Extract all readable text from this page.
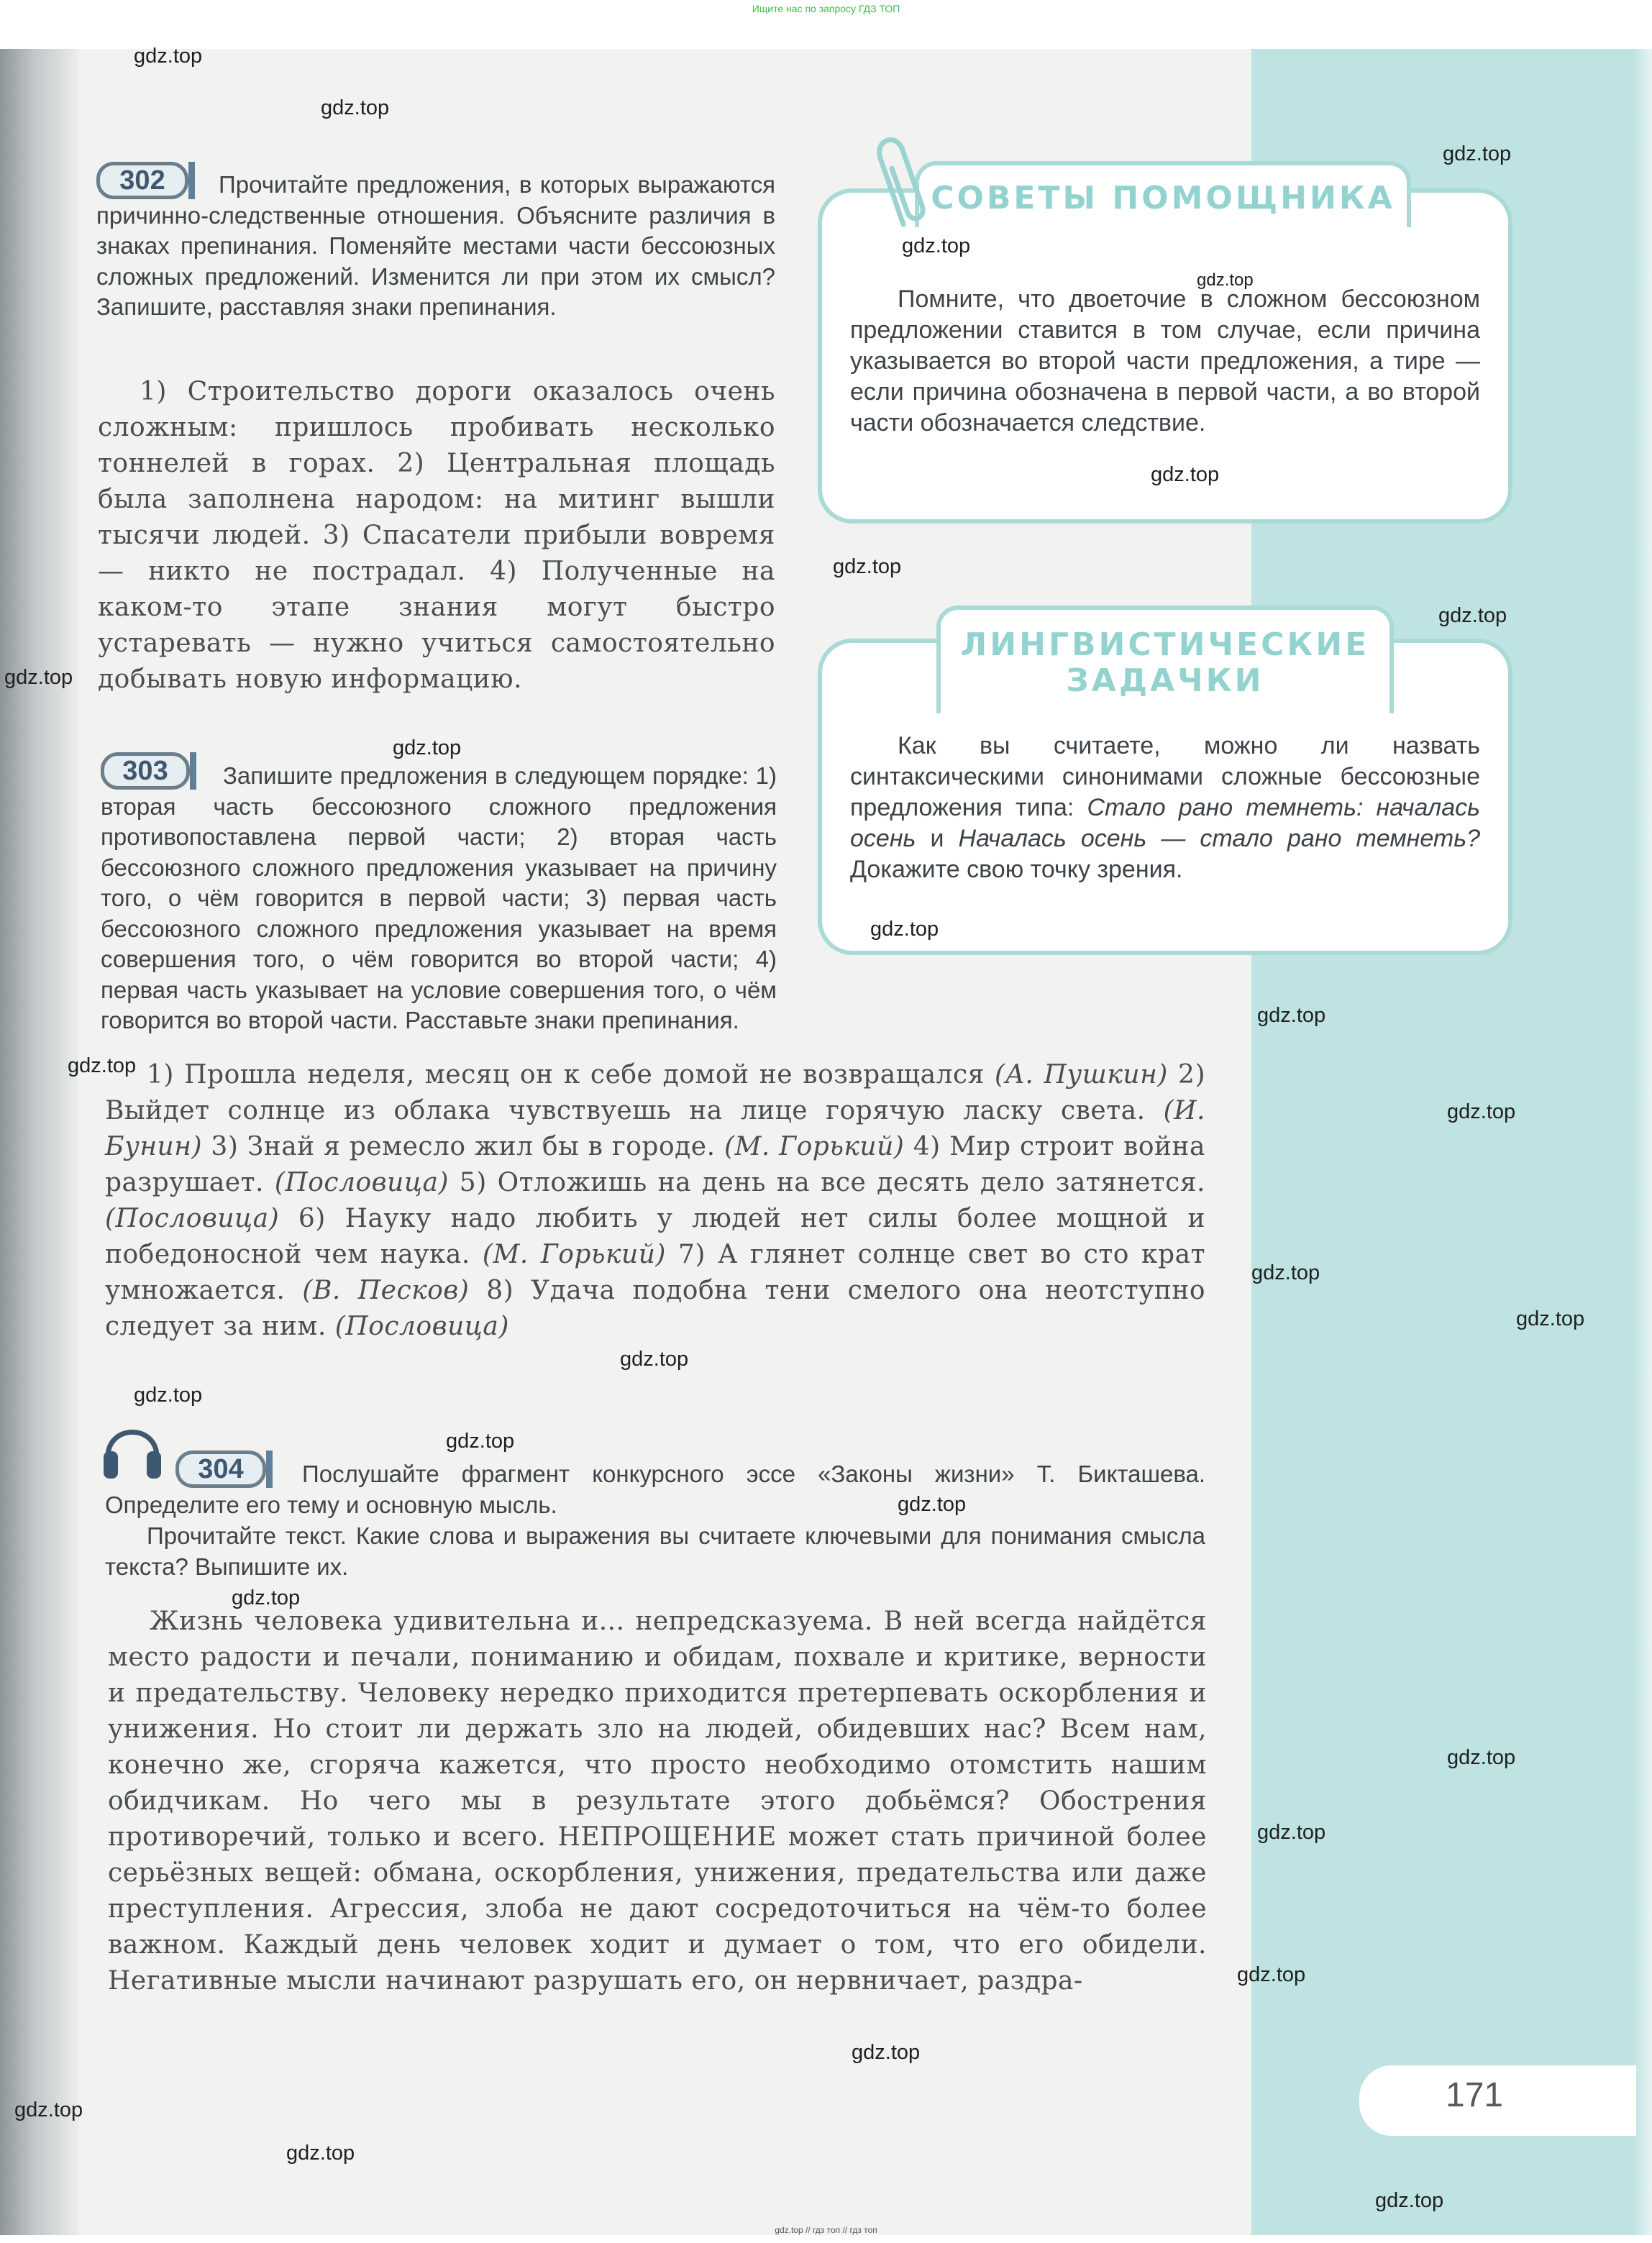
Ищите нас по запросу ГДЗ ТОП
302	Прочитайте предложения, в которых выражаются причинно-следственные отношения. Объясните различия в знаках препинания. Поменяйте местами части бессоюзных сложных предложений. Изменится ли при этом их смысл? Запишите, расставляя знаки препинания.

1) Строительство дороги оказалось очень сложным: пришлось пробивать несколько тоннелей в горах. 2) Центральная площадь была заполнена народом: на митинг вышли тысячи людей. 3) Спасатели прибыли вовремя — никто не пострадал. 4) Полученные на каком-то этапе знания могут быстро устаревать — нужно учиться самостоятельно добывать новую информацию.

303	Запишите предложения в следующем порядке: 1) вторая часть бессоюзного сложного предложения противопоставлена первой части; 2) вторая часть бессоюзного сложного предложения указывает на причину того, о чём говорится в первой части; 3) первая часть бессоюзного сложного предложения указывает на время совершения того, о чём говорится во второй части; 4) первая часть указывает на условие совершения того, о чём говорится во второй части. Расставьте знаки препинания.

1) Прошла неделя, месяц он к себе домой не возвращался (А. Пушкин) 2) Выйдет солнце из облака чувствуешь на лице горячую ласку света. (И. Бунин) 3) Знай я ремесло жил бы в городе. (М. Горький) 4) Мир строит война разрушает. (Пословица) 5) Отложишь на день на все десять дело затянется. (Пословица) 6) Науку надо любить у людей нет силы более мощной и победоносной чем наука. (М. Горький) 7) А глянет солнце свет во сто крат умножается. (В. Песков) 8) Удача подобна тени смелого она неотступно следует за ним. (Пословица)

304	Послушайте фрагмент конкурсного эссе «Законы жизни» Т. Бикташева. Определите его тему и основную мысль.
Прочитайте текст. Какие слова и выражения вы считаете ключевыми для понимания смысла текста? Выпишите их.

Жизнь человека удивительна и... непредсказуема. В ней всегда найдётся место радости и печали, пониманию и обидам, похвале и критике, верности и предательству. Человеку нередко приходится претерпевать оскорбления и унижения. Но стоит ли держать зло на людей, обидевших нас? Всем нам, конечно же, сгоряча кажется, что просто необходимо отомстить нашим обидчикам. Но чего мы в результате этого добьёмся? Обострения противоречий, только и всего. НЕПРОЩЕНИЕ может стать причиной более серьёзных вещей: обмана, оскорбления, унижения, предательства или даже преступления. Агрессия, злоба не дают сосредоточиться на чём-то более важном. Каждый день человек ходит и думает о том, что его обидели. Негативные мысли начинают разрушать его, он нервничает, раздра-

СОВЕТЫ ПОМОЩНИКА
Помните, что двоеточие в сложном бессоюзном предложении ставится в том случае, если причина указывается во второй части предложения, а тире — если причина обозначена в первой части, а во второй части обозначается следствие.
ЛИНГВИСТИЧЕСКИЕ
ЗАДАЧКИ
Как вы считаете, можно ли назвать синтаксическими синонимами сложные бессоюзные предложения типа: Стало рано темнеть: началась осень и Началась осень — стало рано темнеть? Докажите свою точку зрения.
171
gdz.top
gdz.top
gdz.top
gdz.top
gdz.top
gdz.top
gdz.top
gdz.top
gdz.top
gdz.top
gdz.top
gdz.top
gdz.top
gdz.top
gdz.top
gdz.top
gdz.top
gdz.top
gdz.top
gdz.top
gdz.top
gdz.top
gdz.top
gdz.top
gdz.top
gdz.top
gdz.top
gdz.top
gdz.top // гдз топ // гдз топ
